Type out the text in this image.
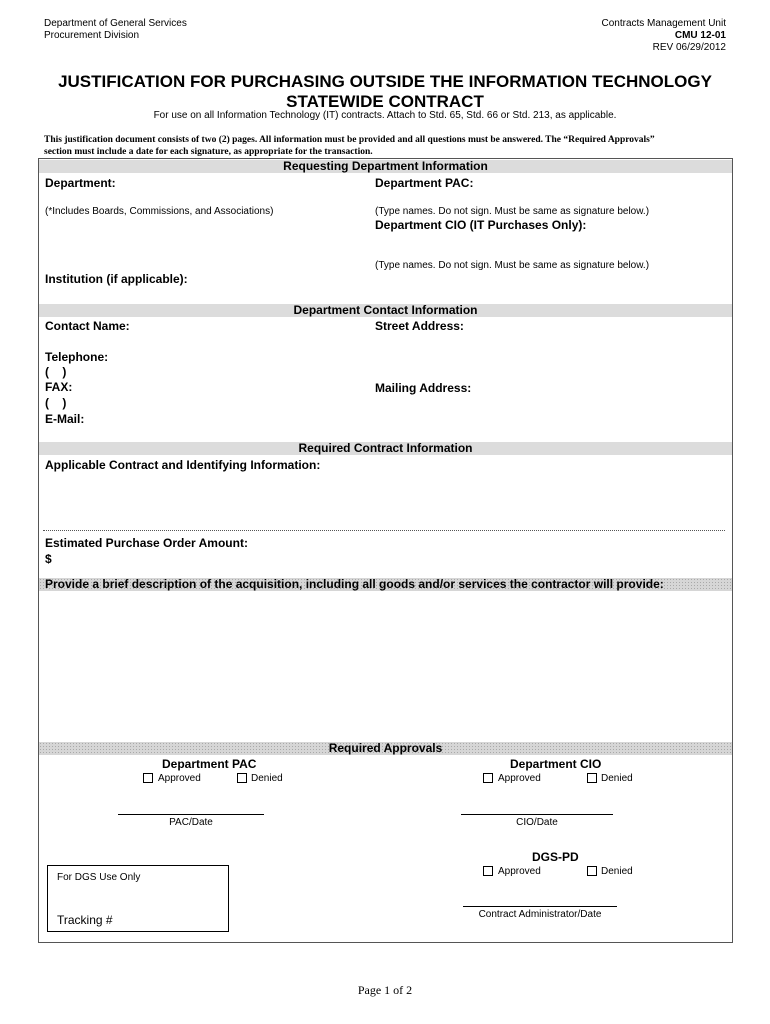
Department of General Services
Procurement Division
Contracts Management Unit
CMU 12-01
REV 06/29/2012
JUSTIFICATION FOR PURCHASING OUTSIDE THE INFORMATION TECHNOLOGY
STATEWIDE CONTRACT
For use on all Information Technology (IT) contracts. Attach to Std. 65, Std. 66 or Std. 213, as applicable.
This justification document consists of two (2) pages. All information must be provided and all questions must be answered. The “Required Approvals”
section must include a date for each signature, as appropriate for the transaction.
Requesting Department Information
Department:	Department PAC:
(*Includes Boards, Commissions, and Associations)	(Type names. Do not sign. Must be same as signature below.)
Department CIO (IT Purchases Only):
(Type names. Do not sign. Must be same as signature below.)
Institution (if applicable):
Department Contact Information
Contact Name:	Street Address:
Telephone:
(    )
FAX:	Mailing Address:
(    )
E-Mail:
Required Contract Information
Applicable Contract and Identifying Information:
Estimated Purchase Order Amount:
$
Provide a brief description of the acquisition, including all goods and/or services the contractor will provide:
Required Approvals
Department PAC
Approved	Denied
PAC/Date
Department CIO
Approved	Denied
CIO/Date
DGS-PD
Approved	Denied
Contract Administrator/Date
For DGS Use Only
Tracking #
Page 1 of 2
